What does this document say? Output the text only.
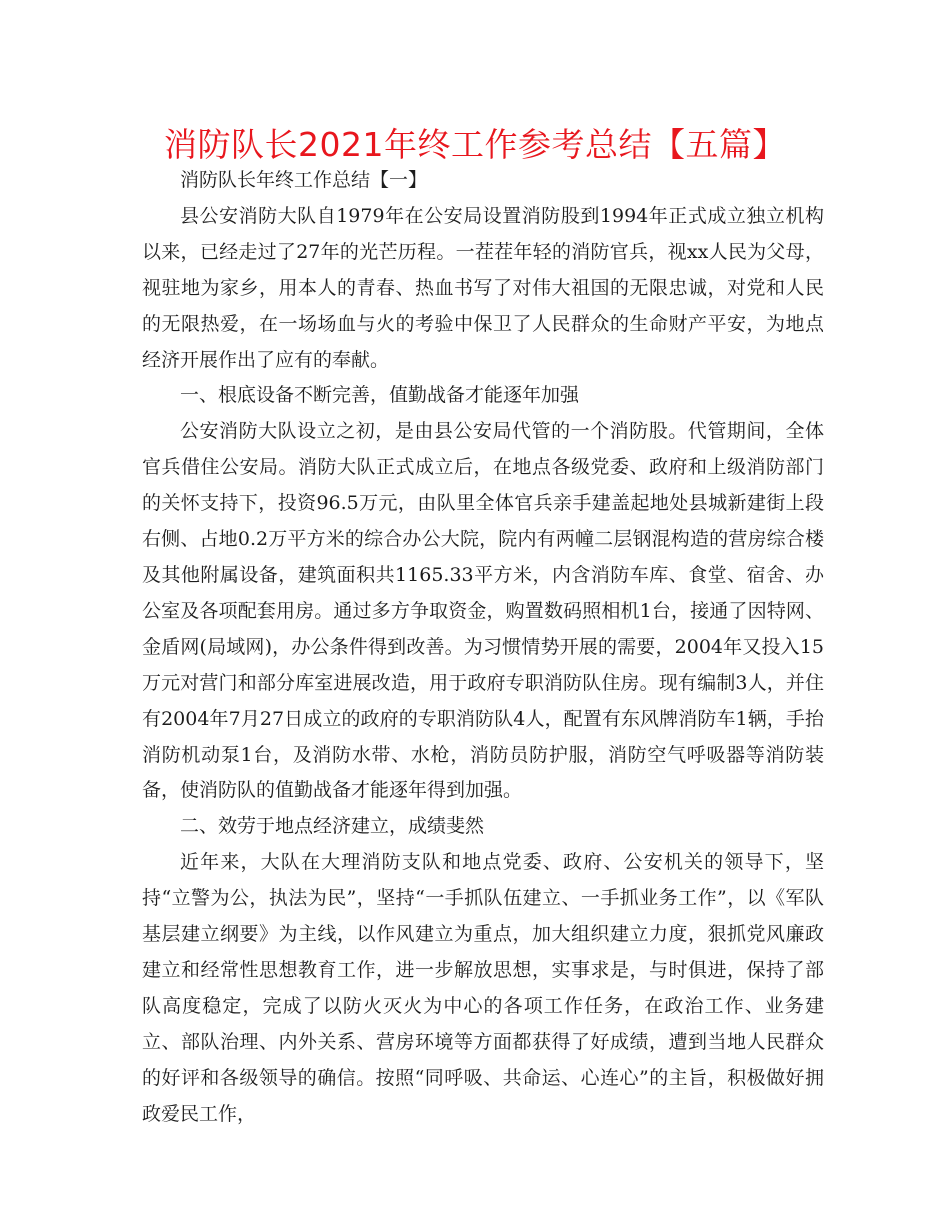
消防队长2021年终工作参考总结【五篇】

消防队长年终工作总结【一】

县公安消防大队自1979年在公安局设置消防股到1994年正式成立独立机构以来，已经走过了27年的光芒历程。一茬茬年轻的消防官兵，视xx人民为父母，视驻地为家乡，用本人的青春、热血书写了对伟大祖国的无限忠诚，对党和人民的无限热爱，在一场场血与火的考验中保卫了人民群众的生命财产平安，为地点经济开展作出了应有的奉献。

一、根底设备不断完善，值勤战备才能逐年加强

公安消防大队设立之初，是由县公安局代管的一个消防股。代管期间，全体官兵借住公安局。消防大队正式成立后，在地点各级党委、政府和上级消防部门的关怀支持下，投资96.5万元，由队里全体官兵亲手建盖起地处县城新建街上段右侧、占地0.2万平方米的综合办公大院，院内有两幢二层钢混构造的营房综合楼及其他附属设备，建筑面积共1165.33平方米，内含消防车库、食堂、宿舍、办公室及各项配套用房。通过多方争取资金，购置数码照相机1台，接通了因特网、金盾网(局域网)，办公条件得到改善。为习惯情势开展的需要，2004年又投入15万元对营门和部分库室进展改造，用于政府专职消防队住房。现有编制3人，并住有2004年7月27日成立的政府的专职消防队4人，配置有东风牌消防车1辆，手抬消防机动泵1台，及消防水带、水枪，消防员防护服，消防空气呼吸器等消防装备，使消防队的值勤战备才能逐年得到加强。

二、效劳于地点经济建立，成绩斐然

近年来，大队在大理消防支队和地点党委、政府、公安机关的领导下，坚持“立警为公，执法为民”，坚持“一手抓队伍建立、一手抓业务工作”，以《军队基层建立纲要》为主线，以作风建立为重点，加大组织建立力度，狠抓党风廉政建立和经常性思想教育工作，进一步解放思想，实事求是，与时俱进，保持了部队高度稳定，完成了以防火灭火为中心的各项工作任务，在政治工作、业务建立、部队治理、内外关系、营房环境等方面都获得了好成绩，遭到当地人民群众的好评和各级领导的确信。按照“同呼吸、共命运、心连心”的主旨，积极做好拥政爱民工作，
